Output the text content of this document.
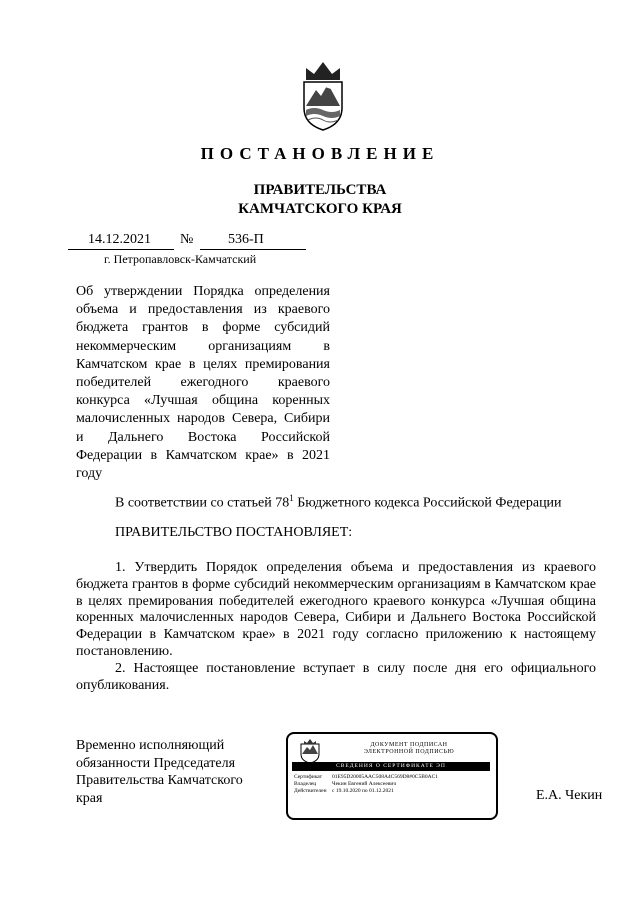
ПОСТАНОВЛЕНИЕ
ПРАВИТЕЛЬСТВА
КАМЧАТСКОГО КРАЯ
14.12.2021 № 536-П
г. Петропавловск-Камчатский
Об утверждении Порядка определения объема и предоставления из краевого бюджета грантов в форме субсидий некоммерческим организациям в Камчатском крае в целях премирования победителей ежегодного краевого конкурса «Лучшая община коренных малочисленных народов Севера, Сибири и Дальнего Востока Российской Федерации в Камчатском крае» в 2021 году
В соответствии со статьей $78^1$ Бюджетного кодекса Российской Федерации
ПРАВИТЕЛЬСТВО ПОСТАНОВЛЯЕТ:

1. Утвердить Порядок определения объема и предоставления из краевого бюджета грантов в форме субсидий некоммерческим организациям в Камчатском крае в целях премирования победителей ежегодного краевого конкурса «Лучшая община коренных малочисленных народов Севера, Сибири и Дальнего Востока Российской Федерации в Камчатском крае» в 2021 году согласно приложению к настоящему постановлению.

2. Настоящее постановление вступает в силу после дня его официального опубликования.

Временно исполняющий
обязанности Председателя
Правительства Камчатского
края
ДОКУМЕНТ ПОДПИСАН
ЭЛЕКТРОННОЙ ПОДПИСЬЮ
СВЕДЕНИЯ О СЕРТИФИКАТЕ ЭП
Сертификат 01E95D20005AAC508A4C569D8#0C5B0AC1
Владелец	Чекин Евгений Алексеевич
Действителен с 19.10.2020 по 01.12.2021	Е.А. Чекин
